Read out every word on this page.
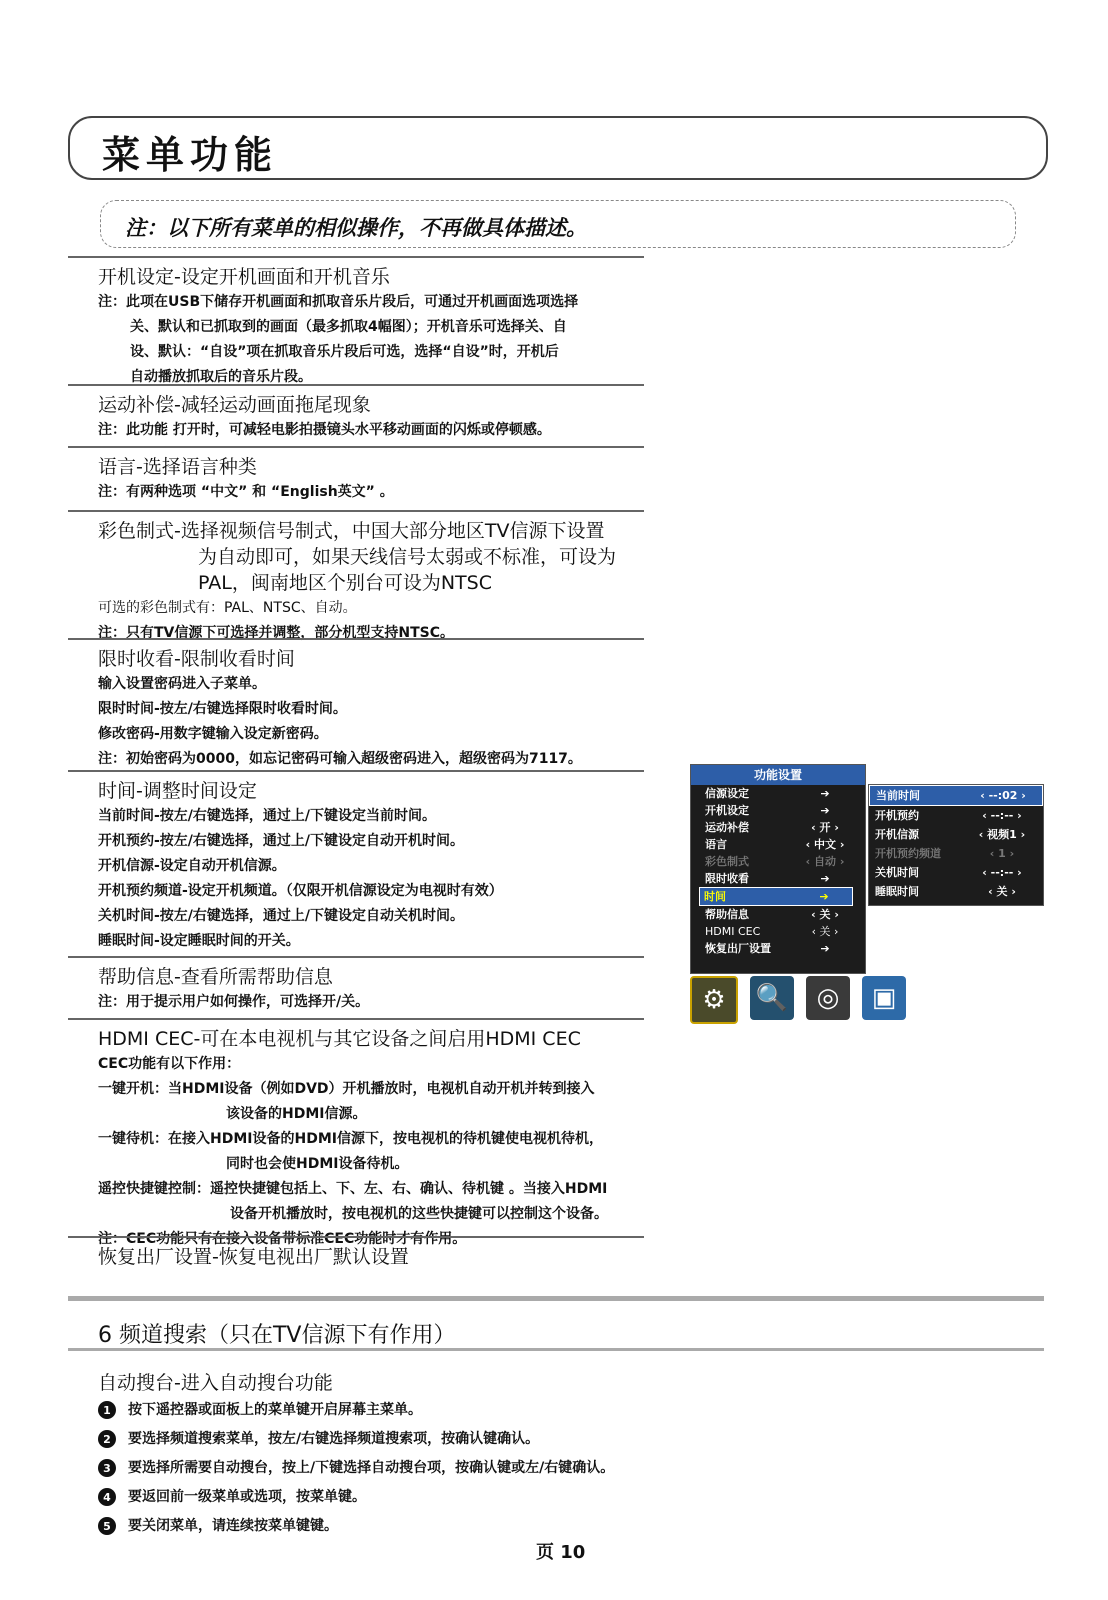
菜单功能
注：以下所有菜单的相似操作，不再做具体描述。
开机设定-设定开机画面和开机音乐
注：此项在USB下储存开机画面和抓取音乐片段后，可通过开机画面选项选择
关、默认和已抓取到的画面（最多抓取4幅图）；开机音乐可选择关、自
设、默认：“自设”项在抓取音乐片段后可选，选择“自设”时，开机后
自动播放抓取后的音乐片段。
运动补偿-减轻运动画面拖尾现象
注：此功能 打开时，可减轻电影拍摄镜头水平移动画面的闪烁或停顿感。
语言-选择语言种类
注：有两种选项 “中文” 和 “English英文” 。
彩色制式-选择视频信号制式，中国大部分地区TV信源下设置
为自动即可，如果天线信号太弱或不标准，可设为
PAL，闽南地区个别台可设为NTSC
可选的彩色制式有：PAL、NTSC、自动。
注：只有TV信源下可选择并调整，部分机型支持NTSC。
限时收看-限制收看时间
输入设置密码进入子菜单。
限时时间-按左/右键选择限时收看时间。
修改密码-用数字键输入设定新密码。
注：初始密码为0000，如忘记密码可输入超级密码进入，超级密码为7117。
时间-调整时间设定
当前时间-按左/右键选择，通过上/下键设定当前时间。
开机预约-按左/右键选择，通过上/下键设定自动开机时间。
开机信源-设定自动开机信源。
开机预约频道-设定开机频道。（仅限开机信源设定为电视时有效）
关机时间-按左/右键选择，通过上/下键设定自动关机时间。
睡眠时间-设定睡眠时间的开关。
帮助信息-查看所需帮助信息
注：用于提示用户如何操作，可选择开/关。
HDMI CEC-可在本电视机与其它设备之间启用HDMI CEC
CEC功能有以下作用：
一键开机：当HDMI设备（例如DVD）开机播放时，电视机自动开机并转到接入
该设备的HDMI信源。
一键待机：在接入HDMI设备的HDMI信源下，按电视机的待机键使电视机待机，
同时也会使HDMI设备待机。
遥控快捷键控制：遥控快捷键包括上、下、左、右、确认、待机键 。当接入HDMI
设备开机播放时，按电视机的这些快捷键可以控制这个设备。
注：CEC功能只有在接入设备带标准CEC功能时才有作用。
恢复出厂设置-恢复电视出厂默认设置
6 频道搜索（只在TV信源下有作用）
自动搜台-进入自动搜台功能
1	按下遥控器或面板上的菜单键开启屏幕主菜单。
2	要选择频道搜索菜单，按左/右键选择频道搜索项，按确认键确认。
3	要选择所需要自动搜台，按上/下键选择自动搜台项，按确认键或左/右键确认。
4	要返回前一级菜单或选项，按菜单键。
5	要关闭菜单，请连续按菜单键键。
页 10
功能设置
信源设定	➔
开机设定	➔
运动补偿	‹ 开 ›
语言	‹ 中文 ›
彩色制式	‹ 自动 ›
限时收看	➔
时间	➔
帮助信息	‹ 关 ›
HDMI CEC	‹ 关 ›
恢复出厂设置	➔
当前时间	‹ --:02 ›
开机预约	‹ --:-- ›
开机信源	‹ 视频1 ›
开机预约频道	‹ 1 ›
关机时间	‹ --:-- ›
睡眠时间	‹ 关 ›
⚙	🔍	◎	▣
